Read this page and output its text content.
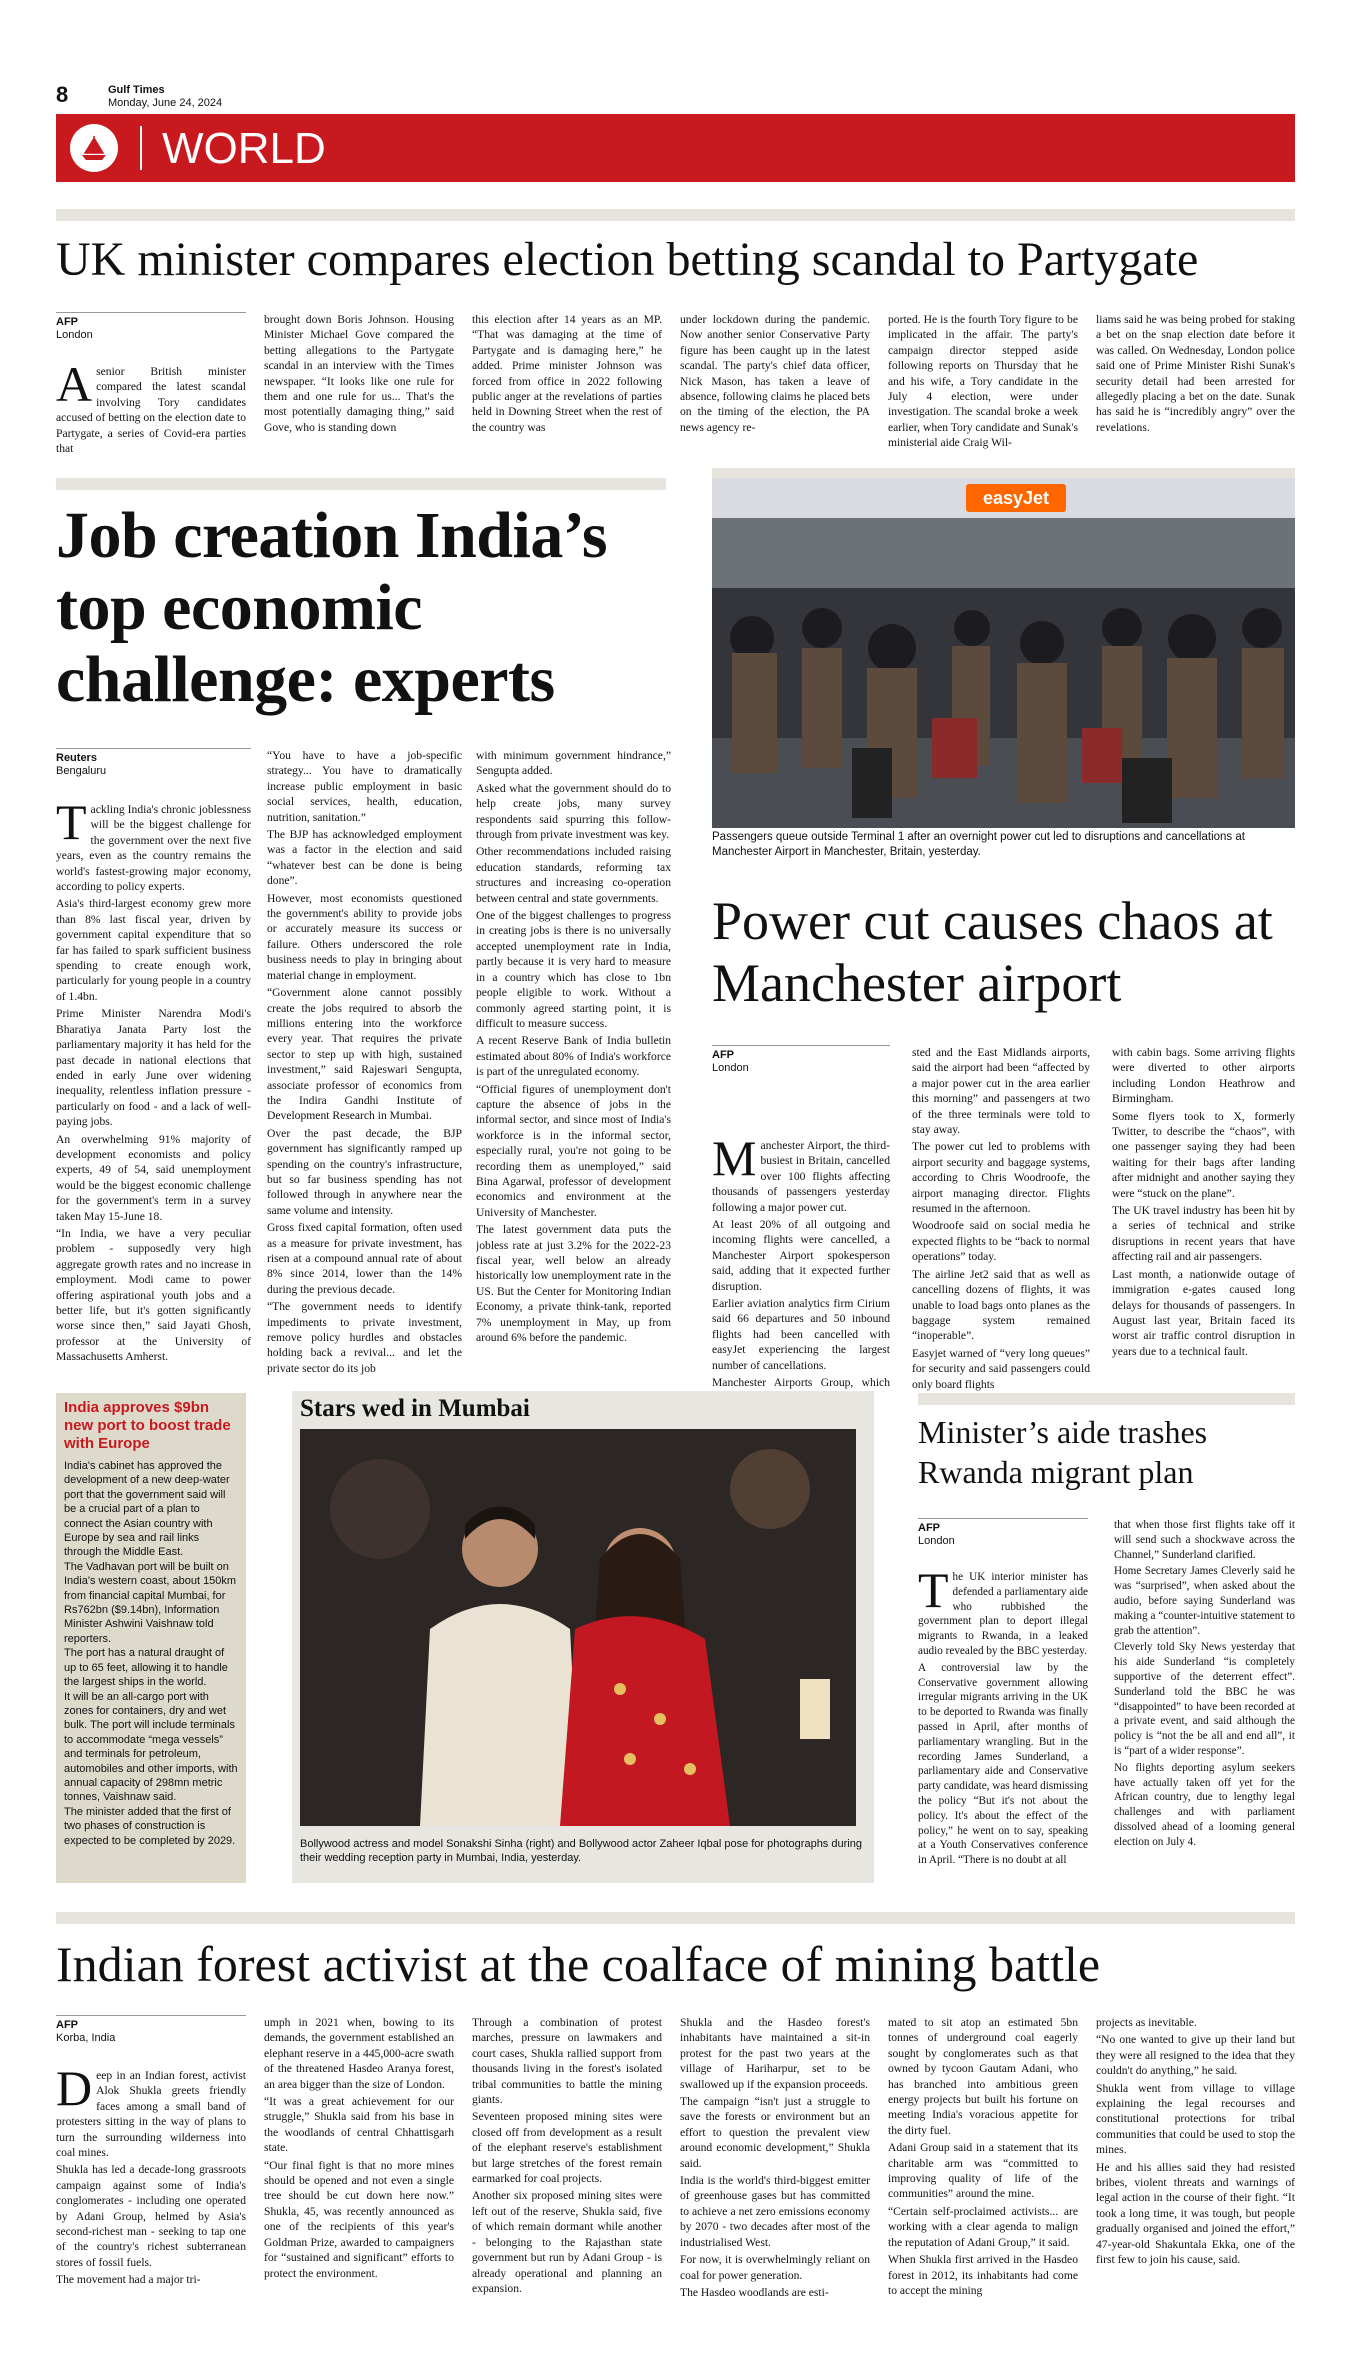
8	Gulf Times
Monday, June 24, 2024
WORLD
UK minister compares election betting scandal to Partygate
AFP
London
Asenior British minister compared the latest scandal involving Tory candidates accused of betting on the election date to Partygate, a series of Covid-era parties that
brought down Boris Johnson. Housing Minister Michael Gove compared the betting allegations to the Partygate scandal in an interview with the Times newspaper. “It looks like one rule for them and one rule for us... That's the most potentially damaging thing,” said Gove, who is standing down
this election after 14 years as an MP. “That was damaging at the time of Partygate and is damaging here,” he added. Prime minister Johnson was forced from office in 2022 following public anger at the revelations of parties held in Downing Street when the rest of the country was
under lockdown during the pandemic. Now another senior Conservative Party figure has been caught up in the latest scandal. The party's chief data officer, Nick Mason, has taken a leave of absence, following claims he placed bets on the timing of the election, the PA news agency re-
ported. He is the fourth Tory figure to be implicated in the affair. The party's campaign director stepped aside following reports on Thursday that he and his wife, a Tory candidate in the July 4 election, were under investigation. The scandal broke a week earlier, when Tory candidate and Sunak's ministerial aide Craig Wil-
liams said he was being probed for staking a bet on the snap election date before it was called. On Wednesday, London police said one of Prime Minister Rishi Sunak's security detail had been arrested for allegedly placing a bet on the date. Sunak has said he is “incredibly angry” over the revelations.
Job creation India’s top economic challenge: experts
Reuters
Bengaluru
T ackling India's chronic joblessness will be the biggest challenge for the government over the next five years, even as the country remains the world's fastest-growing major economy, according to policy experts.

Asia's third-largest economy grew more than 8% last fiscal year, driven by government capital expenditure that so far has failed to spark sufficient business spending to create enough work, particularly for young people in a country of 1.4bn.

Prime Minister Narendra Modi's Bharatiya Janata Party lost the parliamentary majority it has held for the past decade in national elections that ended in early June over widening inequality, relentless inflation pressure - particularly on food - and a lack of well-paying jobs.

An overwhelming 91% majority of development economists and policy experts, 49 of 54, said unemployment would be the biggest economic challenge for the government's term in a survey taken May 15-June 18.

“In India, we have a very peculiar problem - supposedly very high aggregate growth rates and no increase in employment. Modi came to power offering aspirational youth jobs and a better life, but it's gotten significantly worse since then,” said Jayati Ghosh, professor at the University of Massachusetts Amherst.

“You have to have a job-specific strategy... You have to dramatically increase public employment in basic social services, health, education, nutrition, sanitation.”

The BJP has acknowledged employment was a factor in the election and said “whatever best can be done is being done”.

However, most economists questioned the government's ability to provide jobs or accurately measure its success or failure. Others underscored the role business needs to play in bringing about material change in employment.

“Government alone cannot possibly create the jobs required to absorb the millions entering into the workforce every year. That requires the private sector to step up with high, sustained investment,” said Rajeswari Sengupta, associate professor of economics from the Indira Gandhi Institute of Development Research in Mumbai.

Over the past decade, the BJP government has significantly ramped up spending on the country's infrastructure, but so far business spending has not followed through in anywhere near the same volume and intensity.

Gross fixed capital formation, often used as a measure for private investment, has risen at a compound annual rate of about 8% since 2014, lower than the 14% during the previous decade.

“The government needs to identify impediments to private investment, remove policy hurdles and obstacles holding back a revival... and let the private sector do its job

with minimum government hindrance,” Sengupta added.

Asked what the government should do to help create jobs, many survey respondents said spurring this follow-through from private investment was key.

Other recommendations included raising education standards, reforming tax structures and increasing co-operation between central and state governments.

One of the biggest challenges to progress in creating jobs is there is no universally accepted unemployment rate in India, partly because it is very hard to measure in a country which has close to 1bn people eligible to work. Without a commonly agreed starting point, it is difficult to measure success.

A recent Reserve Bank of India bulletin estimated about 80% of India's workforce is part of the unregulated economy.

“Official figures of unemployment don't capture the absence of jobs in the informal sector, and since most of India's workforce is in the informal sector, especially rural, you're not going to be recording them as unemployed,” said Bina Agarwal, professor of development economics and environment at the University of Manchester.

The latest government data puts the jobless rate at just 3.2% for the 2022-23 fiscal year, well below an already historically low unemployment rate in the US. But the Center for Monitoring Indian Economy, a private think-tank, reported 7% unemployment in May, up from around 6% before the pandemic.

easyJet
Passengers queue outside Terminal 1 after an overnight power cut led to disruptions and cancellations at Manchester Airport in Manchester, Britain, yesterday.
Power cut causes chaos at Manchester airport
AFP
London
M anchester Airport, the third-busiest in Britain, cancelled over 100 flights affecting thousands of passengers yesterday following a major power cut.

At least 20% of all outgoing and incoming flights were cancelled, a Manchester Airport spokesperson said, adding that it expected further disruption.

Earlier aviation analytics firm Cirium said 66 departures and 50 inbound flights had been cancelled with easyJet experiencing the largest number of cancellations.

Manchester Airports Group, which

sted and the East Midlands airports, said the airport had been “affected by a major power cut in the area earlier this morning” and passengers at two of the three terminals were told to stay away.

The power cut led to problems with airport security and baggage systems, according to Chris Woodroofe, the airport managing director. Flights resumed in the afternoon.

Woodroofe said on social media he expected flights to be “back to normal operations” today.

The airline Jet2 said that as well as cancelling dozens of flights, it was unable to load bags onto planes as the baggage system remained “inoperable”.

Easyjet warned of “very long queues” for security and said passengers could only board flights

with cabin bags. Some arriving flights were diverted to other airports including London Heathrow and Birmingham.

Some flyers took to X, formerly Twitter, to describe the “chaos”, with one passenger saying they had been waiting for their bags after landing after midnight and another saying they were “stuck on the plane”.

The UK travel industry has been hit by a series of technical and strike disruptions in recent years that have affecting rail and air passengers.

Last month, a nationwide outage of immigration e-gates caused long delays for thousands of passengers. In August last year, Britain faced its worst air traffic control disruption in years due to a technical fault.

India approves $9bn new port to boost trade with Europe

India's cabinet has approved the development of a new deep-water port that the government said will be a crucial part of a plan to connect the Asian country with Europe by sea and rail links through the Middle East.

The Vadhavan port will be built on India's western coast, about 150km from financial capital Mumbai, for Rs762bn ($9.14bn), Information Minister Ashwini Vaishnaw told reporters.

The port has a natural draught of up to 65 feet, allowing it to handle the largest ships in the world.

It will be an all-cargo port with zones for containers, dry and wet bulk. The port will include terminals to accommodate “mega vessels” and terminals for petroleum, automobiles and other imports, with annual capacity of 298mn metric tonnes, Vaishnaw said.

The minister added that the first of two phases of construction is expected to be completed by 2029.

Stars wed in Mumbai
Bollywood actress and model Sonakshi Sinha (right) and Bollywood actor Zaheer Iqbal pose for photographs during their wedding reception party in Mumbai, India, yesterday.
Minister’s aide trashes Rwanda migrant plan
AFP
London
T he UK interior minister has defended a parliamentary aide who rubbished the government plan to deport illegal migrants to Rwanda, in a leaked audio revealed by the BBC yesterday.

A controversial law by the Conservative government allowing irregular migrants arriving in the UK to be deported to Rwanda was finally passed in April, after months of parliamentary wrangling. But in the recording James Sunderland, a parliamentary aide and Conservative party candidate, was heard dismissing the policy “But it's not about the policy. It's about the effect of the policy,” he went on to say, speaking at a Youth Conservatives conference in April. “There is no doubt at all

that when those first flights take off it will send such a shockwave across the Channel,” Sunderland clarified.

Home Secretary James Cleverly said he was “surprised”, when asked about the audio, before saying Sunderland was making a “counter-intuitive statement to grab the attention”.

Cleverly told Sky News yesterday that his aide Sunderland “is completely supportive of the deterrent effect”. Sunderland told the BBC he was “disappointed” to have been recorded at a private event, and said although the policy is “not the be all and end all”, it is “part of a wider response”.

No flights deporting asylum seekers have actually taken off yet for the African country, due to lengthy legal challenges and with parliament dissolved ahead of a looming general election on July 4.

Indian forest activist at the coalface of mining battle
AFP
Korba, India
D eep in an Indian forest, activist Alok Shukla greets friendly faces among a small band of protesters sitting in the way of plans to turn the surrounding wilderness into coal mines.

Shukla has led a decade-long grassroots campaign against some of India's conglomerates - including one operated by Adani Group, helmed by Asia's second-richest man - seeking to tap one of the country's richest subterranean stores of fossil fuels.

The movement had a major tri-

umph in 2021 when, bowing to its demands, the government established an elephant reserve in a 445,000-acre swath of the threatened Hasdeo Aranya forest, an area bigger than the size of London.

“It was a great achievement for our struggle,” Shukla said from his base in the woodlands of central Chhattisgarh state.

“Our final fight is that no more mines should be opened and not even a single tree should be cut down here now.” Shukla, 45, was recently announced as one of the recipients of this year's Goldman Prize, awarded to campaigners for “sustained and significant” efforts to protect the environment.

Through a combination of protest marches, pressure on lawmakers and court cases, Shukla rallied support from thousands living in the forest's isolated tribal communities to battle the mining giants.

Seventeen proposed mining sites were closed off from development as a result of the elephant reserve's establishment but large stretches of the forest remain earmarked for coal projects.

Another six proposed mining sites were left out of the reserve, Shukla said, five of which remain dormant while another - belonging to the Rajasthan state government but run by Adani Group - is already operational and planning an expansion.

Shukla and the Hasdeo forest's inhabitants have maintained a sit-in protest for the past two years at the village of Hariharpur, set to be swallowed up if the expansion proceeds.

The campaign “isn't just a struggle to save the forests or environment but an effort to question the prevalent view around economic development,” Shukla said.

India is the world's third-biggest emitter of greenhouse gases but has committed to achieve a net zero emissions economy by 2070 - two decades after most of the industrialised West.

For now, it is overwhelmingly reliant on coal for power generation.

The Hasdeo woodlands are esti-

mated to sit atop an estimated 5bn tonnes of underground coal eagerly sought by conglomerates such as that owned by tycoon Gautam Adani, who has branched into ambitious green energy projects but built his fortune on meeting India's voracious appetite for the dirty fuel.

Adani Group said in a statement that its charitable arm was “committed to improving quality of life of the communities” around the mine.

“Certain self-proclaimed activists... are working with a clear agenda to malign the reputation of Adani Group,” it said.

When Shukla first arrived in the Hasdeo forest in 2012, its inhabitants had come to accept the mining

projects as inevitable.

“No one wanted to give up their land but they were all resigned to the idea that they couldn't do anything,” he said.

Shukla went from village to village explaining the legal recourses and constitutional protections for tribal communities that could be used to stop the mines.

He and his allies said they had resisted bribes, violent threats and warnings of legal action in the course of their fight. “It took a long time, it was tough, but people gradually organised and joined the effort,” 47-year-old Shakuntala Ekka, one of the first few to join his cause, said.
